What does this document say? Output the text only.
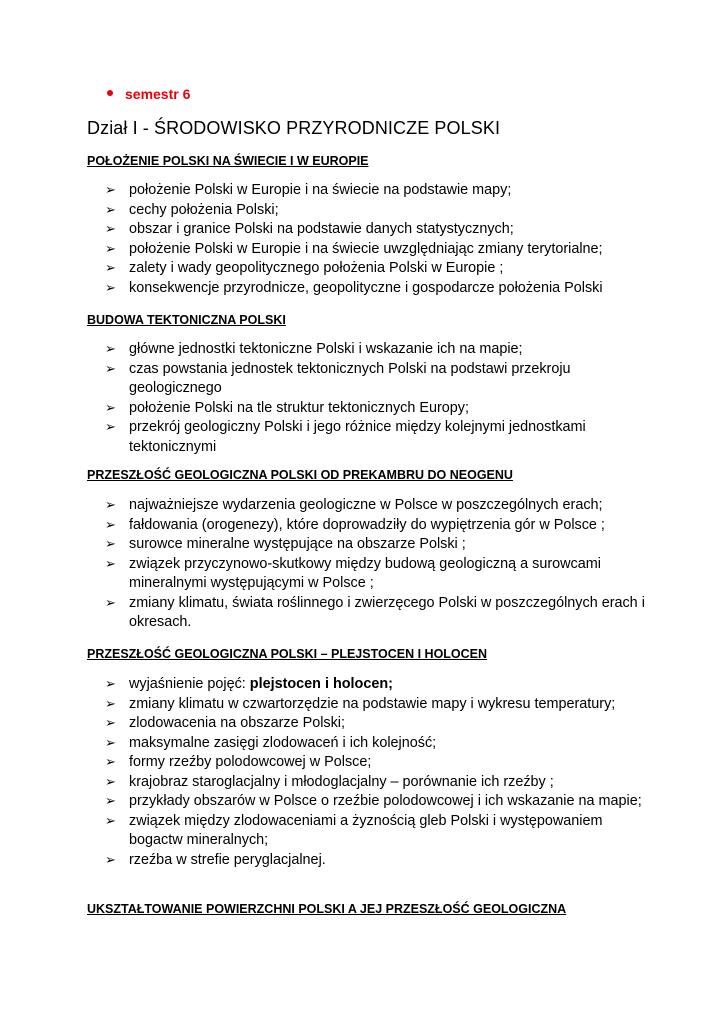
semestr 6
Dział I - ŚRODOWISKO PRZYRODNICZE POLSKI
POŁOŻENIE POLSKI NA ŚWIECIE I W EUROPIE
➢ położenie Polski w Europie i na świecie na podstawie mapy;
➢ cechy położenia Polski;
➢ obszar i granice Polski na podstawie danych statystycznych;
➢ położenie Polski w Europie i na świecie uwzględniając zmiany terytorialne;
➢ zalety i wady geopolitycznego położenia Polski w Europie ;
➢ konsekwencje przyrodnicze, geopolityczne i gospodarcze położenia Polski
BUDOWA TEKTONICZNA POLSKI
➢ główne jednostki tektoniczne Polski i wskazanie ich na mapie;
➢ czas powstania jednostek tektonicznych Polski na podstawi przekroju geologicznego
➢ położenie Polski na tle struktur tektonicznych Europy;
➢ przekrój geologiczny Polski i jego różnice między kolejnymi jednostkami tektonicznymi
PRZESZŁOŚĆ GEOLOGICZNA POLSKI OD PREKAMBRU DO NEOGENU
➢ najważniejsze wydarzenia geologiczne w Polsce w poszczególnych erach;
➢ fałdowania (orogenezy), które doprowadziły do wypiętrzenia gór w Polsce ;
➢ surowce mineralne występujące na obszarze Polski ;
➢ związek przyczynowo-skutkowy między budową geologiczną a surowcami mineralnymi występującymi w Polsce ;
➢ zmiany klimatu, świata roślinnego i zwierzęcego Polski w poszczególnych erach i okresach.
PRZESZŁOŚĆ GEOLOGICZNA POLSKI – PLEJSTOCEN I HOLOCEN
➢ wyjaśnienie pojęć: plejstocen i holocen;
➢ zmiany klimatu w czwartorzędzie na podstawie mapy i wykresu temperatury;
➢ zlodowacenia na obszarze Polski;
➢ maksymalne zasięgi zlodowaceń i ich kolejność;
➢ formy rzeźby polodowcowej w Polsce;
➢ krajobraz staroglacjalny i młodoglacjalny – porównanie ich rzeźby ;
➢ przykłady obszarów w Polsce o rzeźbie polodowcowej i ich wskazanie na mapie;
➢ związek między zlodowaceniami a żyznością gleb Polski i występowaniem bogactw mineralnych;
➢ rzeźba w strefie peryglacjalnej.
UKSZTAŁTOWANIE POWIERZCHNI POLSKI A JEJ PRZESZŁOŚĆ GEOLOGICZNA
